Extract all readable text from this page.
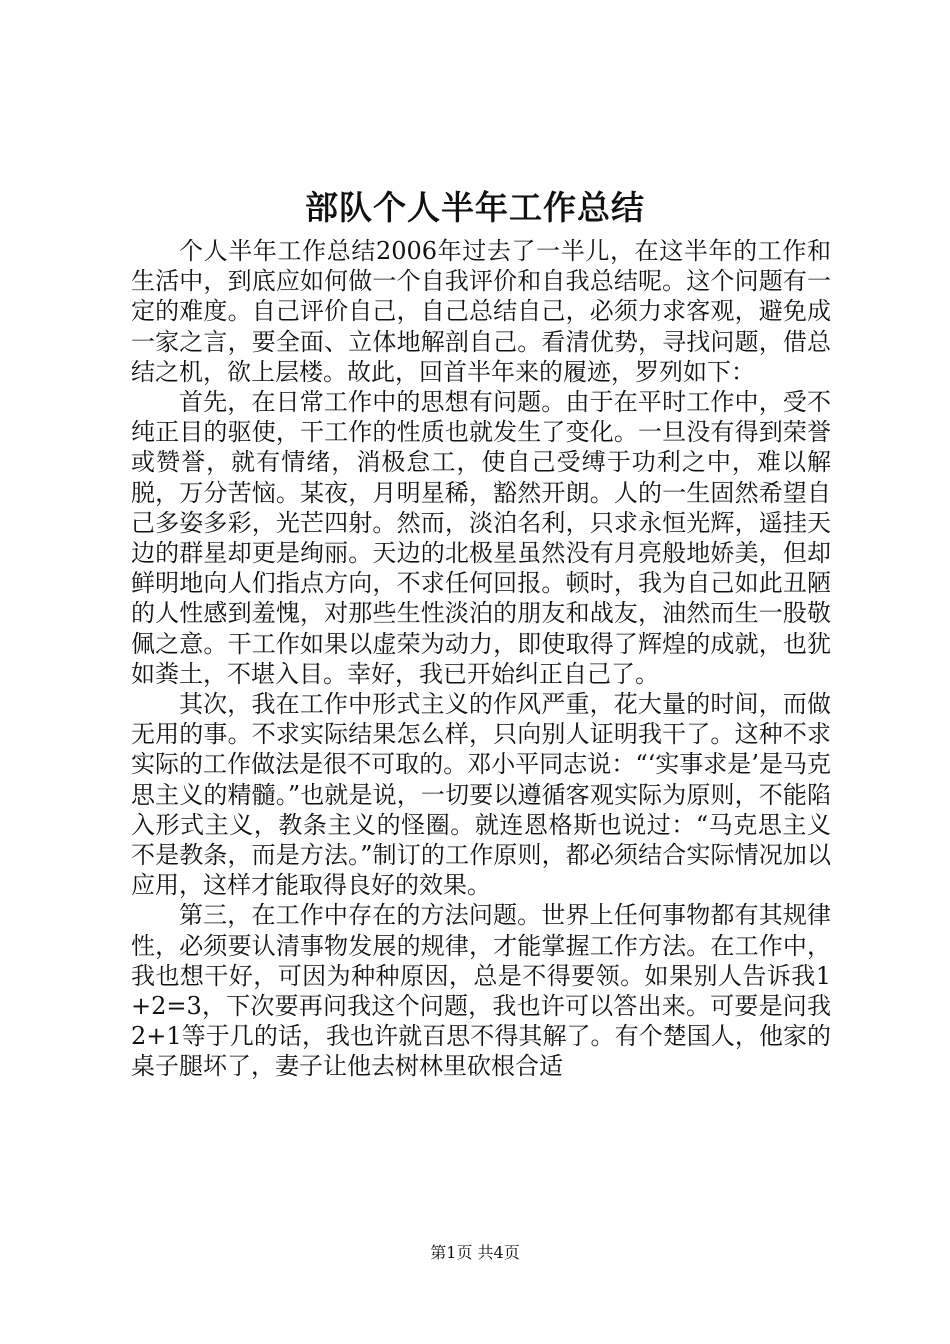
部队个人半年工作总结

个人半年工作总结2006年过去了一半儿，在这半年的工作和生活中，到底应如何做一个自我评价和自我总结呢。这个问题有一定的难度。自己评价自己，自己总结自己，必须力求客观，避免成一家之言，要全面、立体地解剖自己。看清优势，寻找问题，借总结之机，欲上层楼。故此，回首半年来的履迹，罗列如下：

首先，在日常工作中的思想有问题。由于在平时工作中，受不纯正目的驱使，干工作的性质也就发生了变化。一旦没有得到荣誉或赞誉，就有情绪，消极怠工，使自己受缚于功利之中，难以解脱，万分苦恼。某夜，月明星稀，豁然开朗。人的一生固然希望自己多姿多彩，光芒四射。然而，淡泊名利，只求永恒光辉，遥挂天边的群星却更是绚丽。天边的北极星虽然没有月亮般地娇美，但却鲜明地向人们指点方向，不求任何回报。顿时，我为自己如此丑陋的人性感到羞愧，对那些生性淡泊的朋友和战友，油然而生一股敬佩之意。干工作如果以虚荣为动力，即使取得了辉煌的成就，也犹如粪土，不堪入目。幸好，我已开始纠正自己了。

其次，我在工作中形式主义的作风严重，花大量的时间，而做无用的事。不求实际结果怎么样，只向别人证明我干了。这种不求实际的工作做法是很不可取的。邓小平同志说：“‘实事求是’是马克思主义的精髓。”也就是说，一切要以遵循客观实际为原则，不能陷入形式主义，教条主义的怪圈。就连恩格斯也说过：“马克思主义不是教条，而是方法。”制订的工作原则，都必须结合实际情况加以应用，这样才能取得良好的效果。

第三，在工作中存在的方法问题。世界上任何事物都有其规律性，必须要认清事物发展的规律，才能掌握工作方法。在工作中，我也想干好，可因为种种原因，总是不得要领。如果别人告诉我1+2=3，下次要再问我这个问题，我也许可以答出来。可要是问我2+1等于几的话，我也许就百思不得其解了。有个楚国人，他家的桌子腿坏了，妻子让他去树林里砍根合适

第1页 共4页
